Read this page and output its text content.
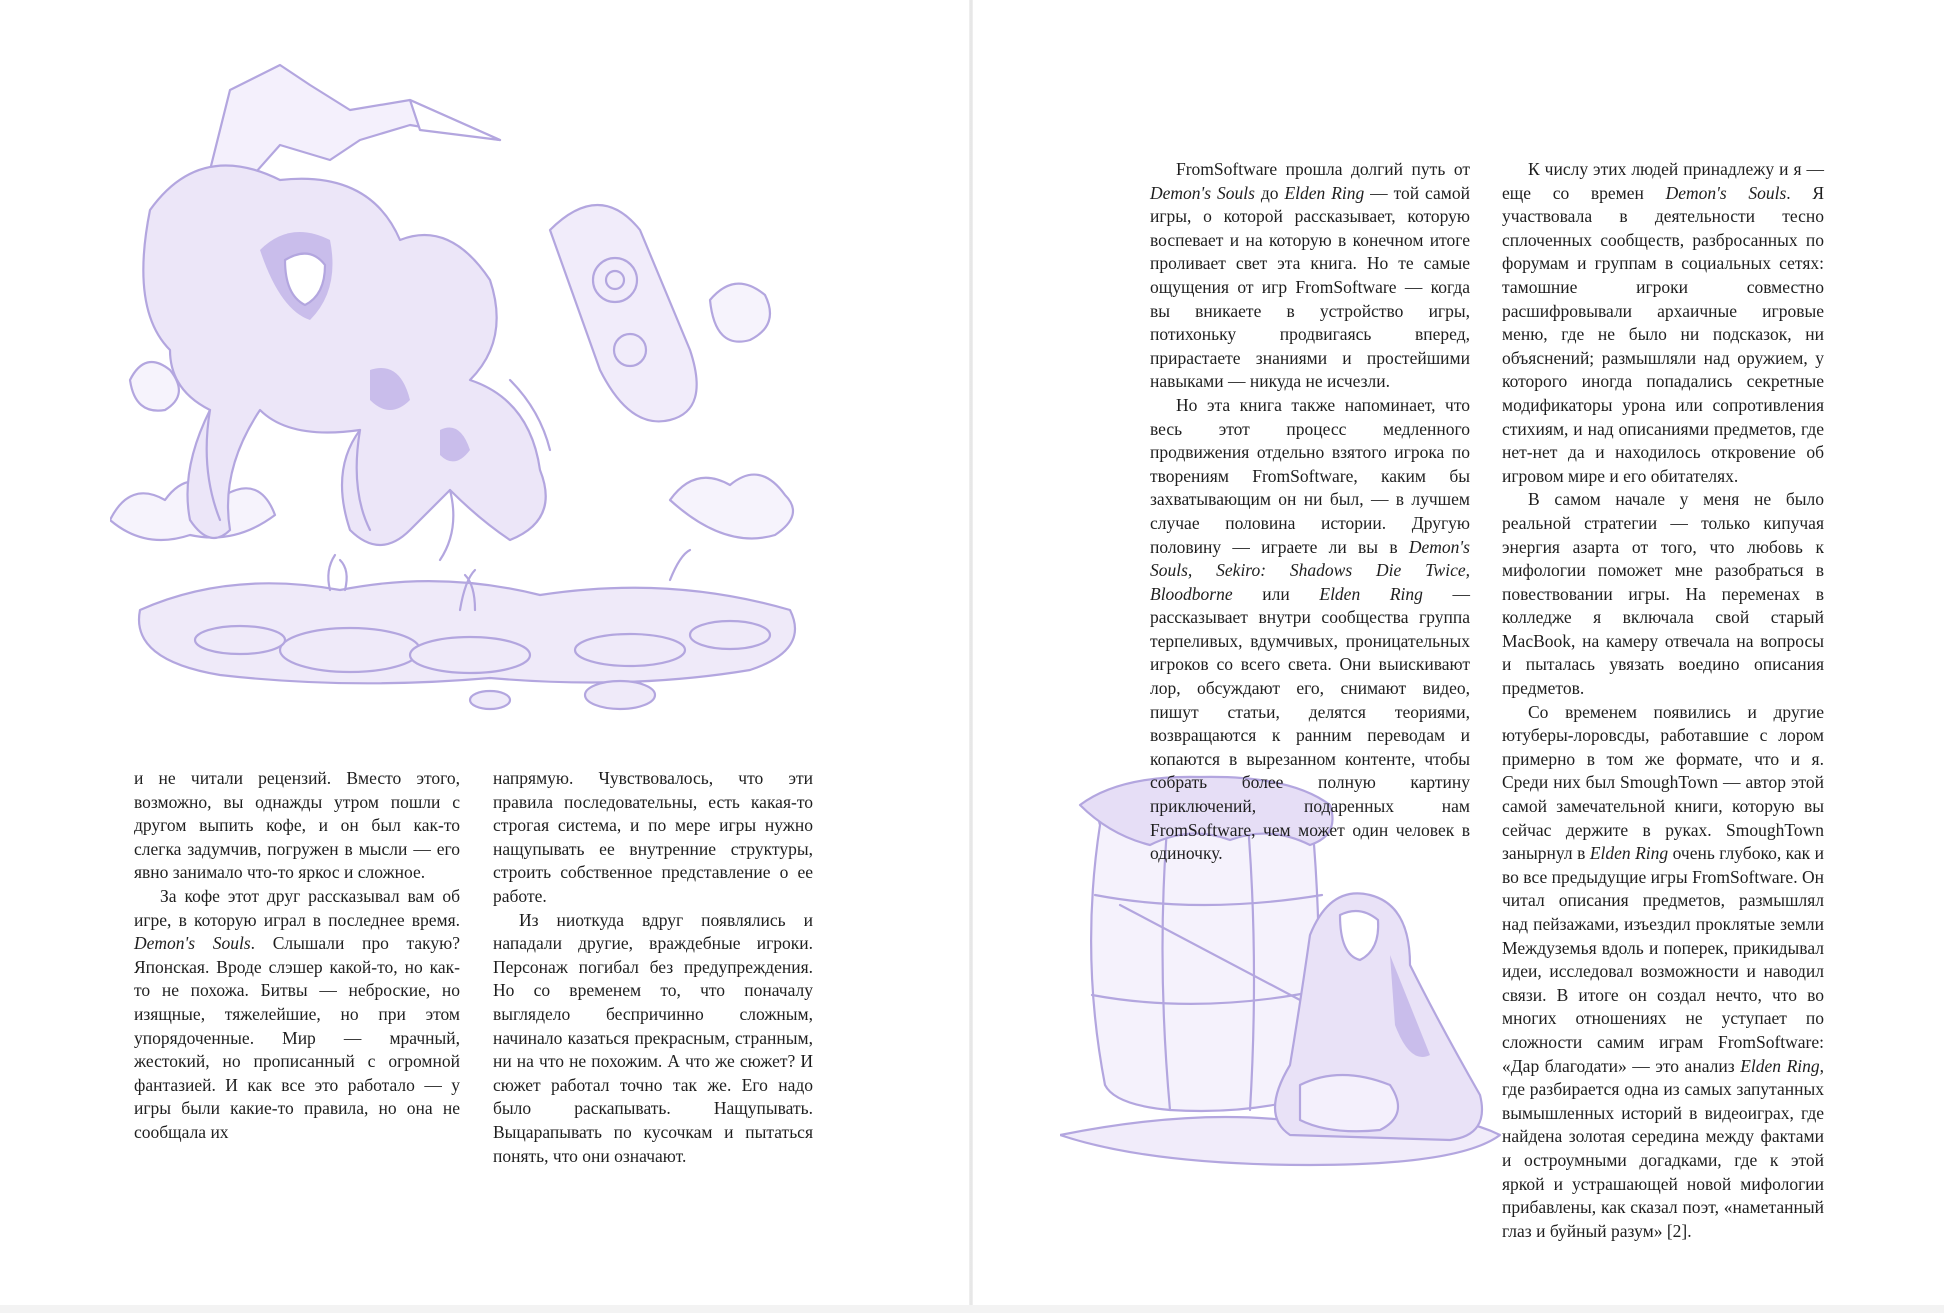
и не читали рецензий. Вместо этого, возможно, вы однажды утром пошли с другом выпить кофе, и он был как-то слегка задумчив, погружен в мысли — его явно занимало что-то яркос и сложное.

За кофе этот друг рассказывал вам об игре, в которую играл в последнее время. Demon's Souls. Слышали про такую? Японская. Вроде слэшер какой-то, но как-то не похожа. Битвы — неброские, но изящные, тяжелейшие, но при этом упорядоченные. Мир — мрачный, жестокий, но прописанный с огромной фантазией. И как все это работало — у игры были какие-то правила, но она не сообщала их

напрямую. Чувствовалось, что эти правила последовательны, есть какая-то строгая система, и по мере игры нужно нащупывать ее внутренние структуры, строить собственное представление о ее работе.

Из ниоткуда вдруг появлялись и нападали другие, враждебные игроки. Персонаж погибал без предупреждения. Но со временем то, что поначалу выглядело беспричинно сложным, начинало казаться прекрасным, странным, ни на что не похожим. А что же сюжет? И сюжет работал точно так же. Его надо было раскапывать. Нащупывать. Выцарапывать по кусочкам и пытаться понять, что они означают.

FromSoftware прошла долгий путь от Demon's Souls до Elden Ring — той самой игры, о которой рассказывает, которую воспевает и на которую в конечном итоге проливает свет эта книга. Но те самые ощущения от игр FromSoftware — когда вы вникаете в устройство игры, потихоньку продвигаясь вперед, прирастаете знаниями и простейшими навыками — никуда не исчезли.

Но эта книга также напоминает, что весь этот процесс медленного продвижения отдельно взятого игрока по творениям FromSoftware, каким бы захватывающим он ни был, — в лучшем случае половина истории. Другую половину — играете ли вы в Demon's Souls, Sekiro: Shadows Die Twice, Bloodborne или Elden Ring — рассказывает внутри сообщества группа терпеливых, вдумчивых, проницательных игроков со всего света. Они выискивают лор, обсуждают его, снимают видео, пишут статьи, делятся теориями, возвращаются к ранним переводам и копаются в вырезанном контенте, чтобы собрать более полную картину приключений, подаренных нам FromSoftware, чем может один человек в одиночку.

К числу этих людей принадлежу и я — еще со времен Demon's Souls. Я участвовала в деятельности тесно сплоченных сообществ, разбросанных по форумам и группам в социальных сетях: тамошние игроки совместно расшифровывали архаичные игровые меню, где не было ни подсказок, ни объяснений; размышляли над оружием, у которого иногда попадались секретные модификаторы урона или сопротивления стихиям, и над описаниями предметов, где нет-нет да и находилось откровение об игровом мире и его обитателях.

В самом начале у меня не было реальной стратегии — только кипучая энергия азарта от того, что любовь к мифологии поможет мне разобраться в повествовании игры. На переменах в колледже я включала свой старый MacBook, на камеру отвечала на вопросы и пыталась увязать воедино описания предметов.

Со временем появились и другие ютуберы-лоровсды, работавшие с лором примерно в том же формате, что и я. Среди них был SmoughTown — автор этой самой замечательной книги, которую вы сейчас держите в руках. SmoughTown занырнул в Elden Ring очень глубоко, как и во все предыдущие игры FromSoftware. Он читал описания предметов, размышлял над пейзажами, изъездил проклятые земли Междуземья вдоль и поперек, прикидывал идеи, исследовал возможности и наводил связи. В итоге он создал нечто, что во многих отношениях не уступает по сложности самим играм FromSoftware: «Дар благодати» — это анализ Elden Ring, где разбирается одна из самых запутанных вымышленных историй в видеоиграх, где найдена золотая середина между фактами и остроумными догадками, где к этой яркой и устрашающей новой мифологии прибавлены, как сказал поэт, «наметанный глаз и буйный разум» [2].
